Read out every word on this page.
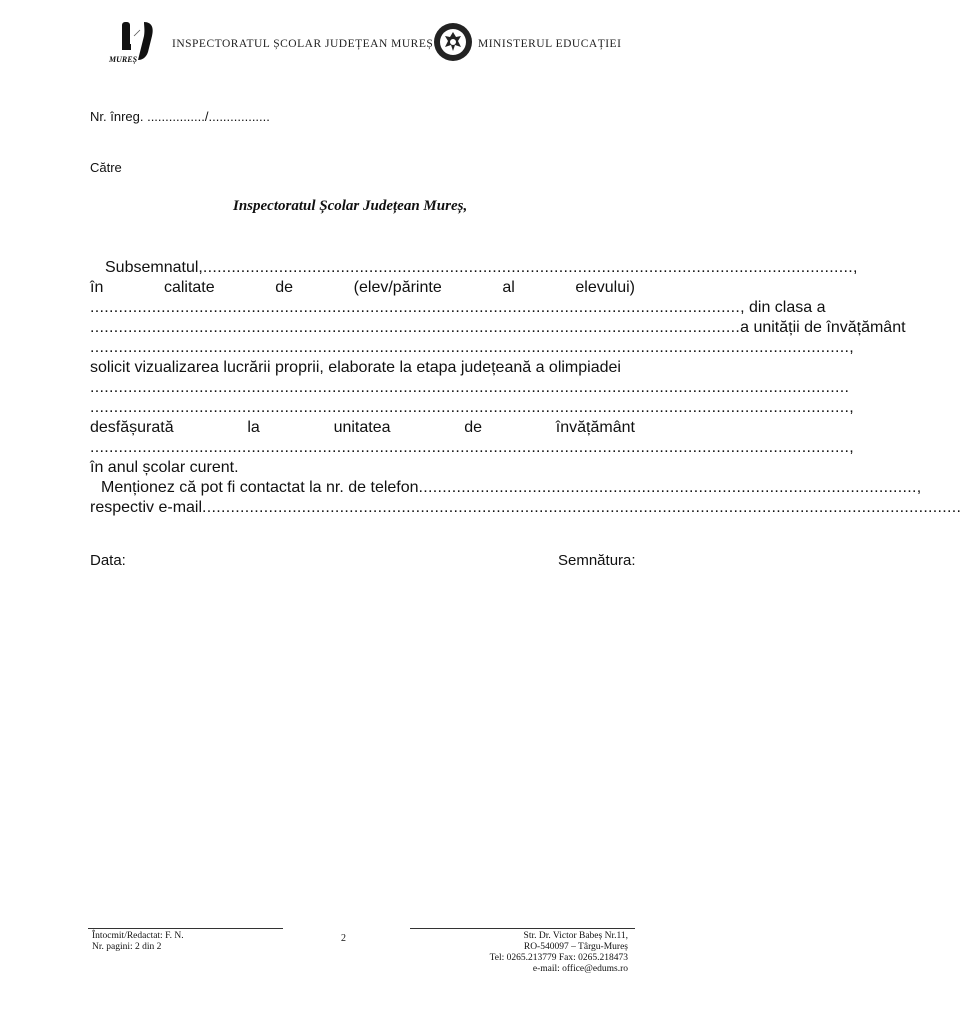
MUREȘ
INSPECTORATUL ȘCOLAR JUDEȚEAN MUREȘ	MINISTERUL EDUCAȚIEI
Nr. înreg. ................/.................
Către
Inspectoratul Școlar Județean Mureș,
Subsemnatul, ......................................................................................................................................... ,
în	calitate	de	(elev/părinte	al	elevului)
......................................................................................................................................... , din clasa a
......................................................................................................................................... a unității de învățământ
................................................................................................................................................................ ,
solicit vizualizarea lucrării proprii, elaborate la etapa județeană a olimpiadei
................................................................................................................................................................
................................................................................................................................................................ ,
desfășurată	la	unitatea	de	învățământ
................................................................................................................................................................ ,
în anul școlar curent.
Menționez că pot fi contactat la nr. de telefon ......................................................................................................... ,
respectiv e-mail ................................................................................................................................................................
Data:	Semnătura:
Întocmit/Redactat: F. N.
Nr. pagini: 2 din 2
2	Str. Dr. Victor Babeș Nr.11,
RO-540097 – Târgu-Mureș
Tel: 0265.213779 Fax: 0265.218473
e-mail: office@edums.ro
